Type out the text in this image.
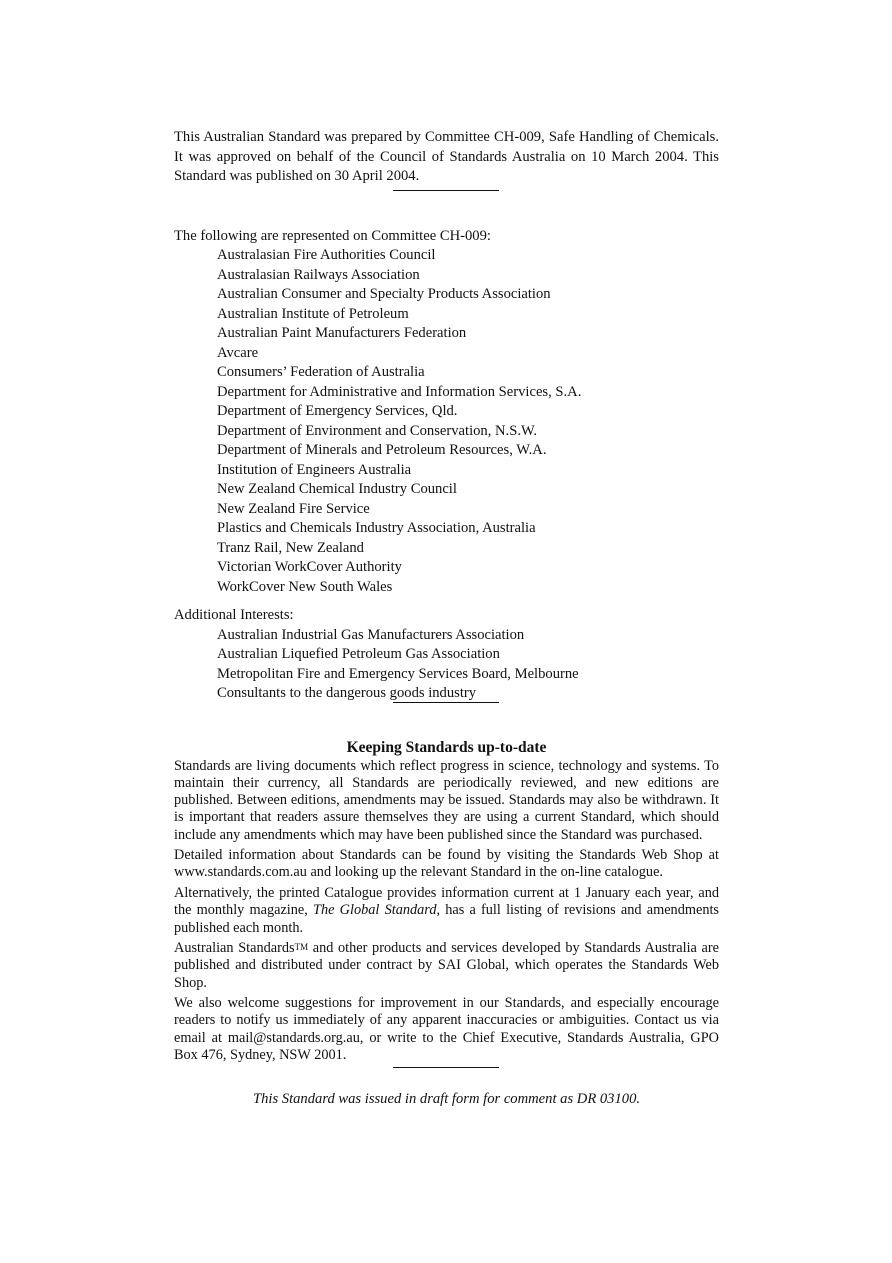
This Australian Standard was prepared by Committee CH-009, Safe Handling of Chemicals. It was approved on behalf of the Council of Standards Australia on 10 March 2004. This Standard was published on 30 April 2004.

The following are represented on Committee CH-009:

Australasian Fire Authorities Council
Australasian Railways Association
Australian Consumer and Specialty Products Association
Australian Institute of Petroleum
Australian Paint Manufacturers Federation
Avcare
Consumers’ Federation of Australia
Department for Administrative and Information Services, S.A.
Department of Emergency Services, Qld.
Department of Environment and Conservation, N.S.W.
Department of Minerals and Petroleum Resources, W.A.
Institution of Engineers Australia
New Zealand Chemical Industry Council
New Zealand Fire Service
Plastics and Chemicals Industry Association, Australia
Tranz Rail, New Zealand
Victorian WorkCover Authority
WorkCover New South Wales

Additional Interests:

Australian Industrial Gas Manufacturers Association
Australian Liquefied Petroleum Gas Association
Metropolitan Fire and Emergency Services Board, Melbourne
Consultants to the dangerous goods industry
Keeping Standards up-to-date

Standards are living documents which reflect progress in science, technology and systems. To maintain their currency, all Standards are periodically reviewed, and new editions are published. Between editions, amendments may be issued. Standards may also be withdrawn. It is important that readers assure themselves they are using a current Standard, which should include any amendments which may have been published since the Standard was purchased.

Detailed information about Standards can be found by visiting the Standards Web Shop at www.standards.com.au and looking up the relevant Standard in the on-line catalogue.

Alternatively, the printed Catalogue provides information current at 1 January each year, and the monthly magazine, The Global Standard, has a full listing of revisions and amendments published each month.

Australian Standards™ and other products and services developed by Standards Australia are published and distributed under contract by SAI Global, which operates the Standards Web Shop.

We also welcome suggestions for improvement in our Standards, and especially encourage readers to notify us immediately of any apparent inaccuracies or ambiguities. Contact us via email at mail@standards.org.au, or write to the Chief Executive, Standards Australia, GPO Box 476, Sydney, NSW 2001.

This Standard was issued in draft form for comment as DR 03100.
